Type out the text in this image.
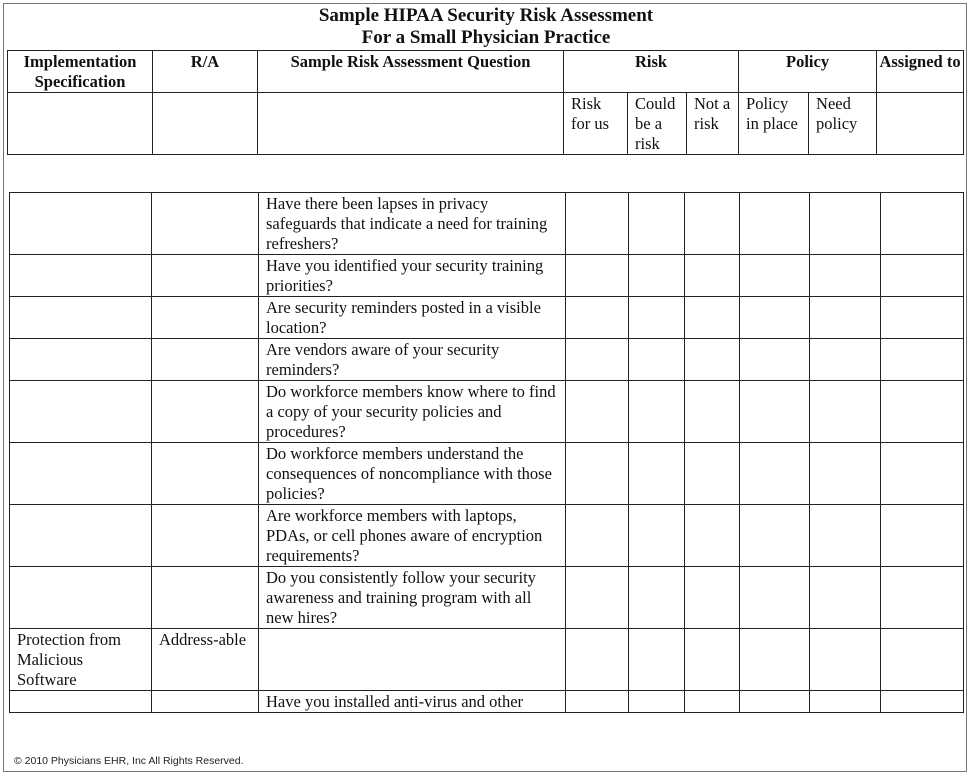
Sample HIPAA Security Risk Assessment
For a Small Physician Practice
Implementation Specification	R/A	Sample Risk Assessment Question	Risk			Policy		Assigned to
			Risk for us	Could be a risk	Not a risk	Policy in place	Need policy	

		Have there been lapses in privacy safeguards that indicate a need for training refreshers?						
		Have you identified your security training priorities?						
		Are security reminders posted in a visible location?						
		Are vendors aware of your security reminders?						
		Do workforce members know where to find a copy of your security policies and procedures?						
		Do workforce members understand the consequences of noncompliance with those policies?						
		Are workforce members with laptops, PDAs, or cell phones aware of encryption requirements?						
		Do you consistently follow your security awareness and training program with all new hires?						
Protection from Malicious Software	Address-able							
		Have you installed anti-virus and other						
© 2010 Physicians EHR, Inc All Rights Reserved.
